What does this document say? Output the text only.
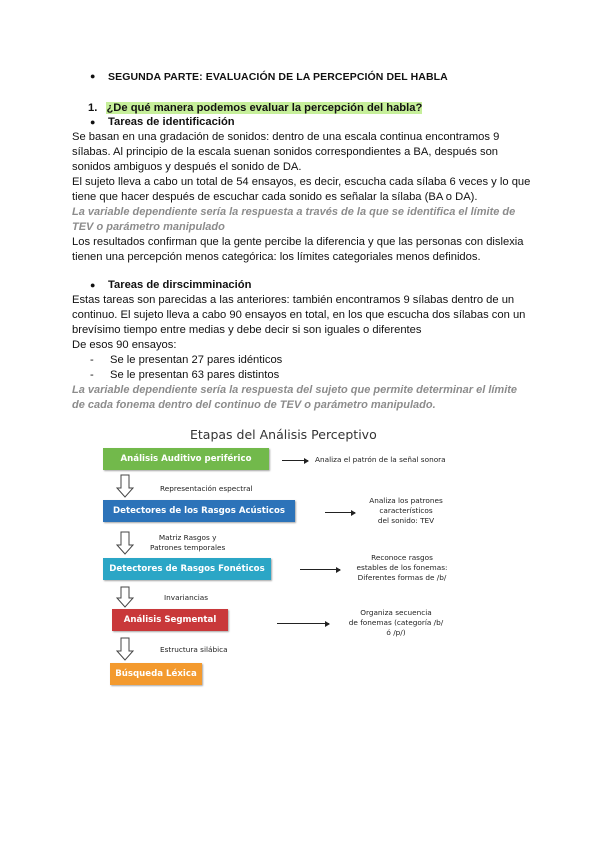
● SEGUNDA PARTE: EVALUACIÓN DE LA PERCEPCIÓN DEL HABLA
1. ¿De qué manera podemos evaluar la percepción del habla?
● Tareas de identificación
Se basan en una gradación de sonidos: dentro de una escala continua encontramos 9
sílabas. Al principio de la escala suenan sonidos correspondientes a BA, después son
sonidos ambiguos y después el sonido de DA.
El sujeto lleva a cabo un total de 54 ensayos, es decir, escucha cada sílaba 6 veces y lo que
tiene que hacer después de escuchar cada sonido es señalar la sílaba (BA o DA).
La variable dependiente sería la respuesta a través de la que se identifica el límite de
TEV o parámetro manipulado
Los resultados confirman que la gente percibe la diferencia y que las personas con dislexia
tienen una percepción menos categórica: los límites categoriales menos definidos.
● Tareas de dirscimminación
Estas tareas son parecidas a las anteriores: también encontramos 9 sílabas dentro de un
continuo. El sujeto lleva a cabo 90 ensayos en total, en los que escucha dos sílabas con un
brevísimo tiempo entre medias y debe decir si son iguales o diferentes
De esos 90 ensayos:
- Se le presentan 27 pares idénticos
- Se le presentan 63 pares distintos
La variable dependiente sería la respuesta del sujeto que permite determinar el límite
de cada fonema dentro del continuo de TEV o parámetro manipulado.
Etapas del Análisis Perceptivo
Análisis Auditivo periférico
Detectores de los Rasgos Acústicos
Detectores de Rasgos Fonéticos
Análisis Segmental
Búsqueda Léxica
Representación espectral
Matriz Rasgos y
Patrones temporales
Invariancias
Estructura silábica
Analiza el patrón de la señal sonora
Analiza los patrones
característicos
del sonido: TEV
Reconoce rasgos
estables de los fonemas:
Diferentes formas de /b/
Organiza secuencia
de fonemas (categoría /b/
ó /p/)
